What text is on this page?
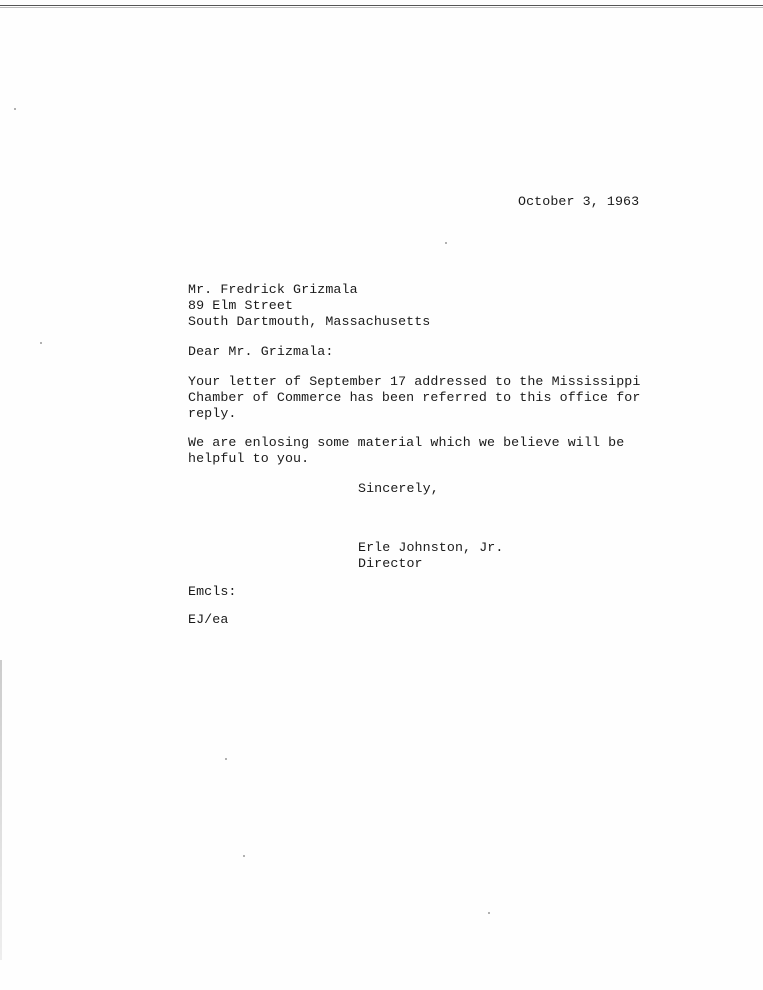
October 3, 1963
Mr. Fredrick Grizmala
89 Elm Street
South Dartmouth, Massachusetts
Dear Mr. Grizmala:
Your letter of September 17 addressed to the Mississippi
Chamber of Commerce has been referred to this office for
reply.
We are enlosing some material which we believe will be
helpful to you.
Sincerely,
Erle Johnston, Jr.
Director
Emcls:
EJ/ea
